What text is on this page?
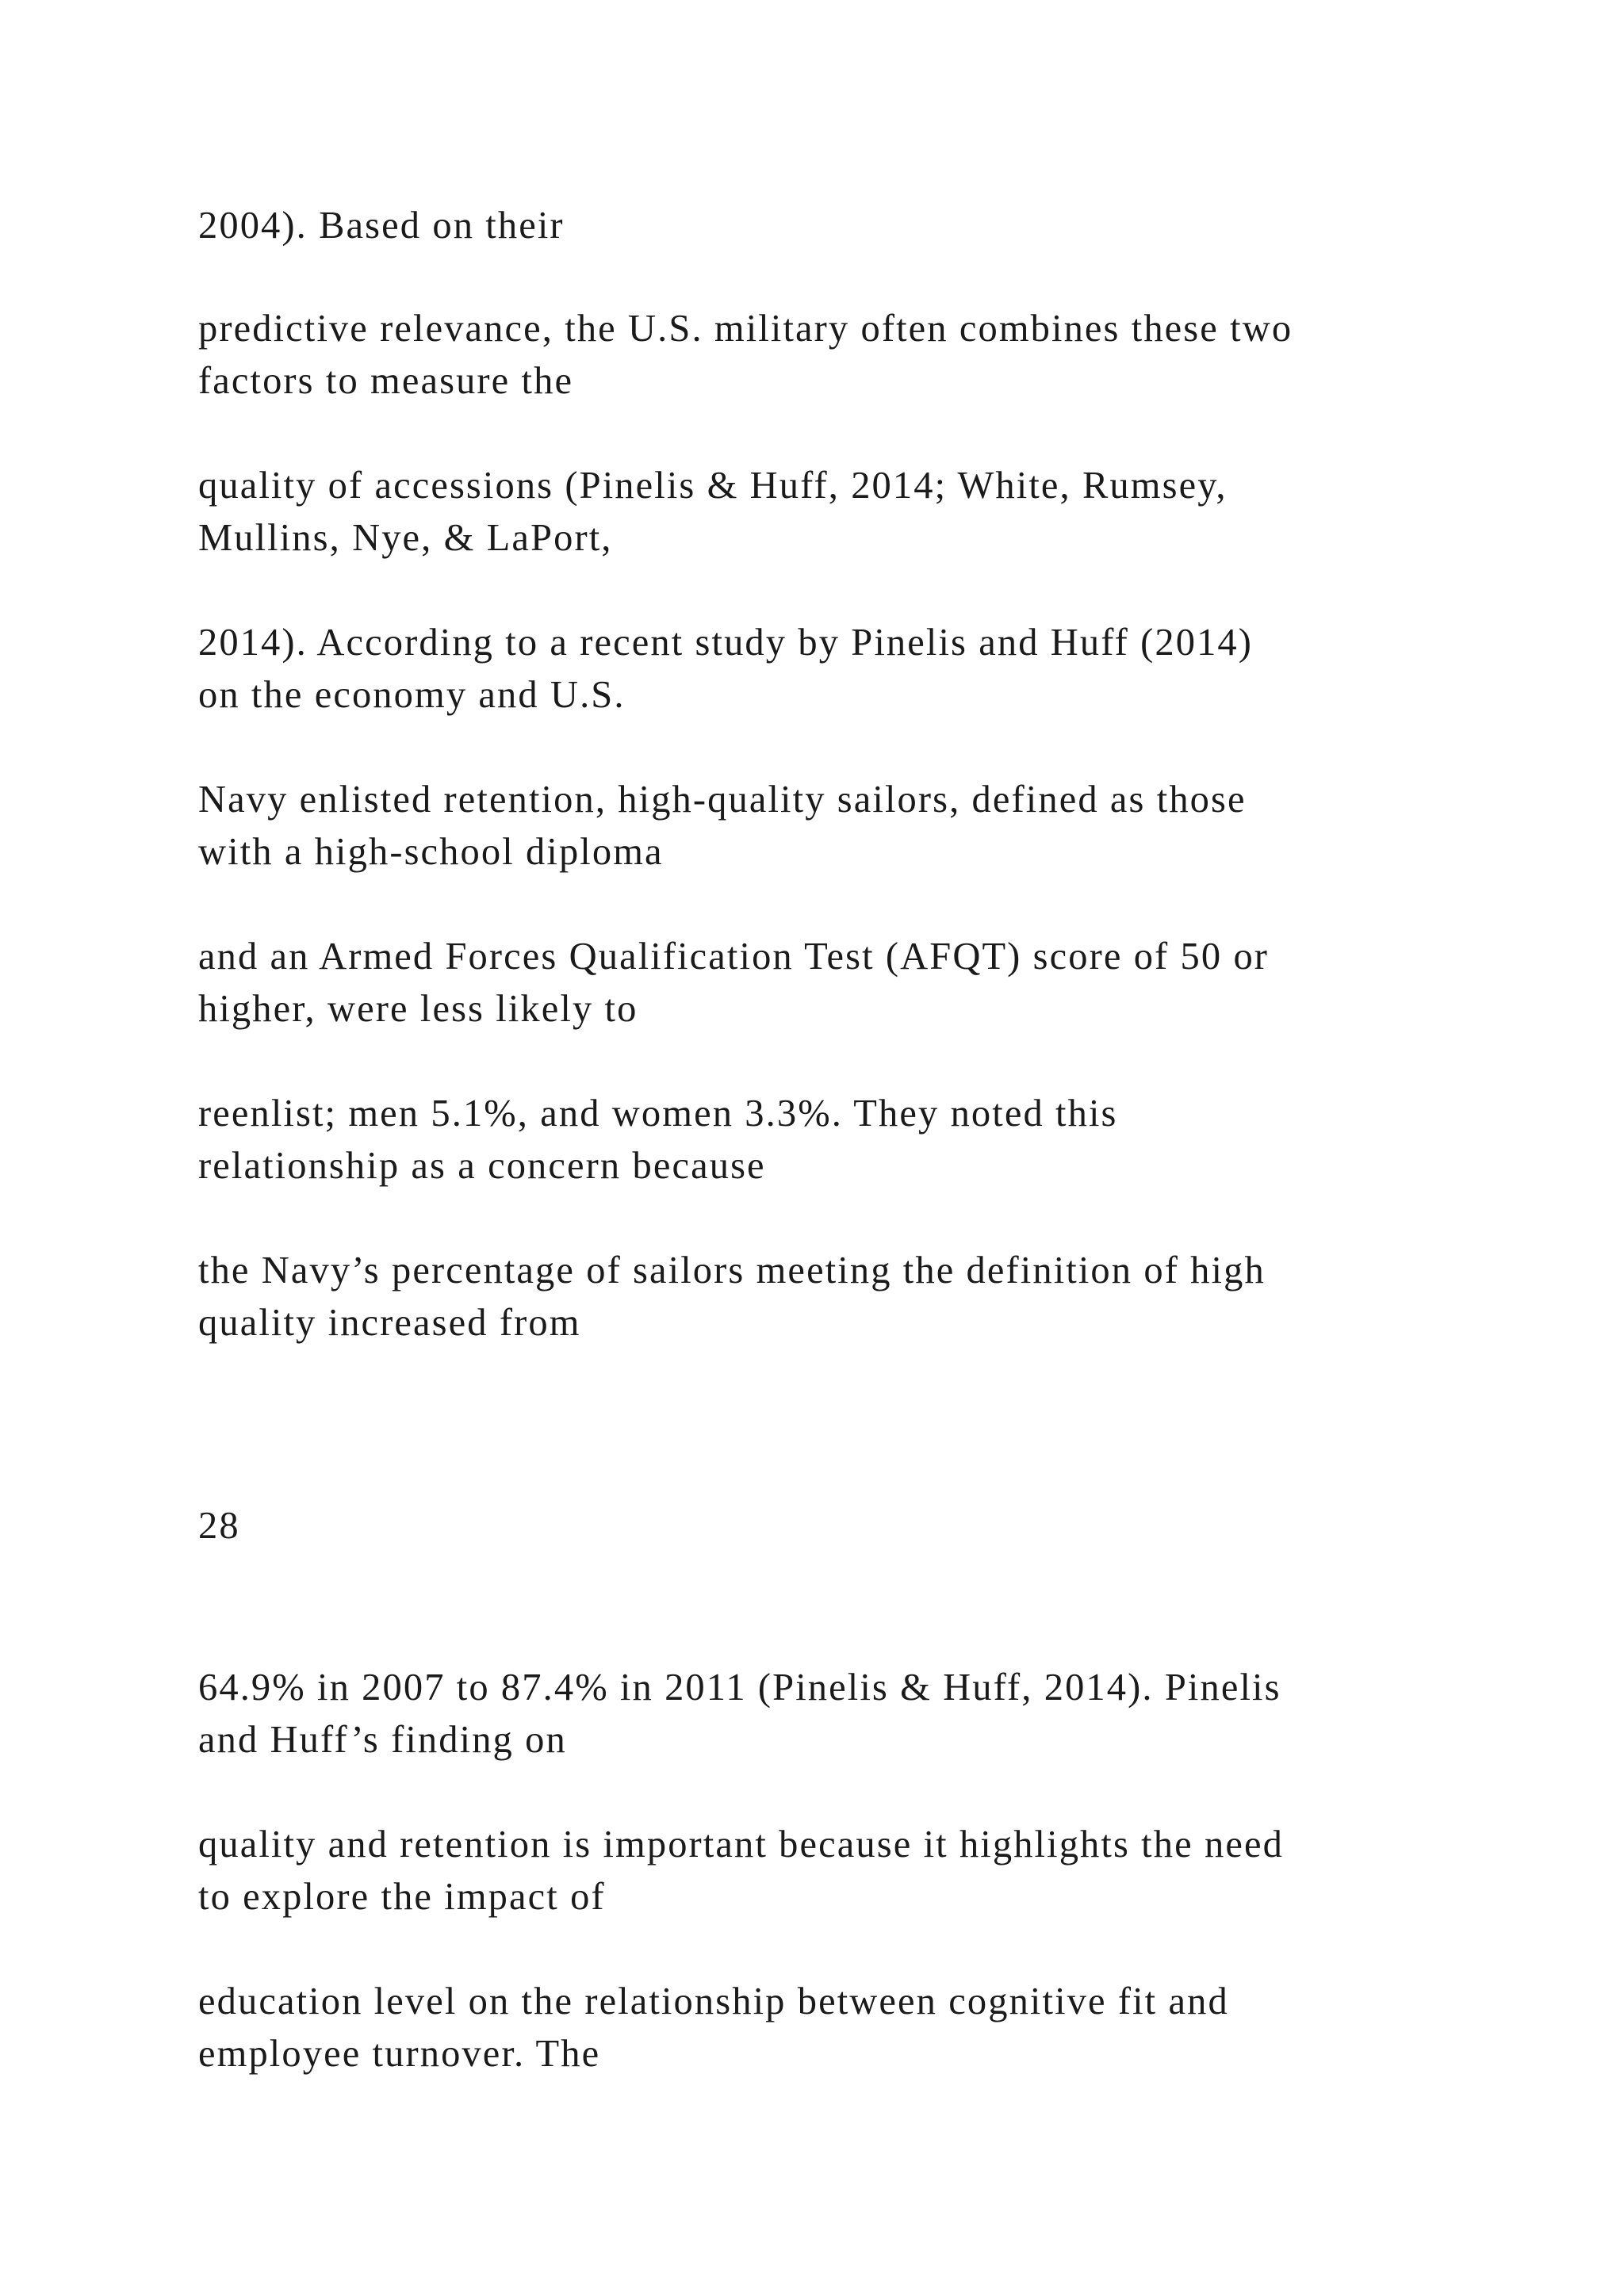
2004). Based on their

predictive relevance, the U.S. military often combines these two
factors to measure the

quality of accessions (Pinelis & Huff, 2014; White, Rumsey,
Mullins, Nye, & LaPort,

2014). According to a recent study by Pinelis and Huff (2014)
on the economy and U.S.

Navy enlisted retention, high-quality sailors, defined as those
with a high-school diploma

and an Armed Forces Qualification Test (AFQT) score of 50 or
higher, were less likely to

reenlist; men 5.1%, and women 3.3%. They noted this
relationship as a concern because

the Navy’s percentage of sailors meeting the definition of high
quality increased from

28

64.9% in 2007 to 87.4% in 2011 (Pinelis & Huff, 2014). Pinelis
and Huff’s finding on

quality and retention is important because it highlights the need
to explore the impact of

education level on the relationship between cognitive fit and
employee turnover. The
